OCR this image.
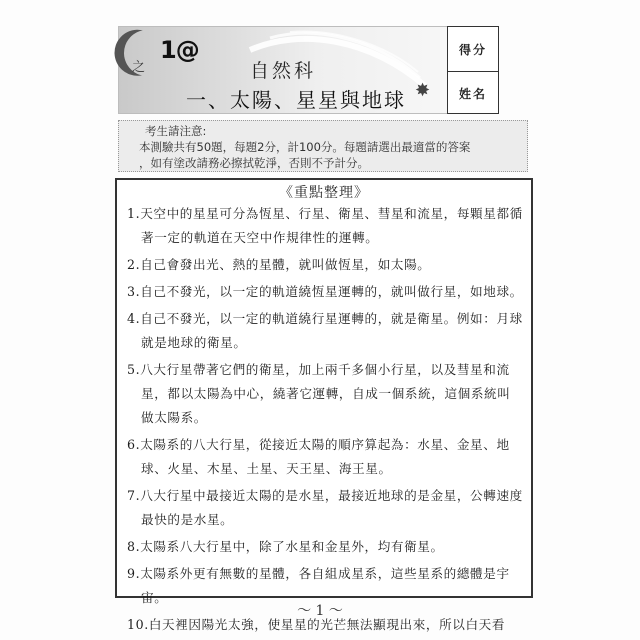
之
1@
自然科
一、太陽、星星與地球 ✸
得分
姓名
考生請注意:
本測驗共有50題，每題2分，計100分。每題請選出最適當的答案
，如有塗改請務必擦拭乾淨，否則不予計分。
《重點整理》
1.天空中的星星可分為恆星、行星、衛星、彗星和流星，每顆星都循著一定的軌道在天空中作規律性的運轉。
2.自己會發出光、熱的星體，就叫做恆星，如太陽。
3.自己不發光，以一定的軌道繞恆星運轉的，就叫做行星，如地球。
4.自己不發光，以一定的軌道繞行星運轉的，就是衛星。例如：月球就是地球的衛星。
5.八大行星帶著它們的衛星，加上兩千多個小行星，以及彗星和流星，都以太陽為中心，繞著它運轉，自成一個系統，這個系統叫做太陽系。
6.太陽系的八大行星，從接近太陽的順序算起為：水星、金星、地球、火星、木星、土星、天王星、海王星。
7.八大行星中最接近太陽的是水星，最接近地球的是金星，公轉速度最快的是水星。
8.太陽系八大行星中，除了水星和金星外，均有衛星。
9.太陽系外更有無數的星體，各自組成星系，這些星系的總體是宇宙。
10.白天裡因陽光太強，使星星的光芒無法顯現出來，所以白天看
～ 1 ～
